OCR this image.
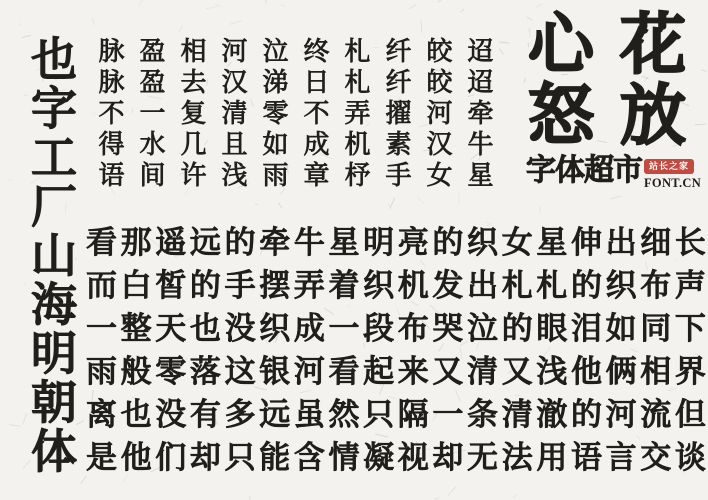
也字工厂山海明朝体	迢迢牵牛星
皎皎河汉女
纤纤擢素手
札札弄机杼
终日不成章
泣涕零如雨
河汉清且浅
相去复几许
盈盈一水间
脉脉不得语	心 花
怒 放
字体超市 站长之家
FONT.CN
看 那 遥 远 的 牵 牛 星 明 亮 的 织 女 星 伸 出 细 长
而 白 皙 的 手 摆 弄 着 织 机 发 出 札 札 的 织 布 声
一 整 天 也 没 织 成 一 段 布 哭 泣 的 眼 泪 如 同 下
雨 般 零 落 这 银 河 看 起 来 又 清 又 浅 他 俩 相 界
离 也 没 有 多 远 虽 然 只 隔 一 条 清 澈 的 河 流 但
是 他 们 却 只 能 含 情 凝 视 却 无 法 用 语 言 交 谈
